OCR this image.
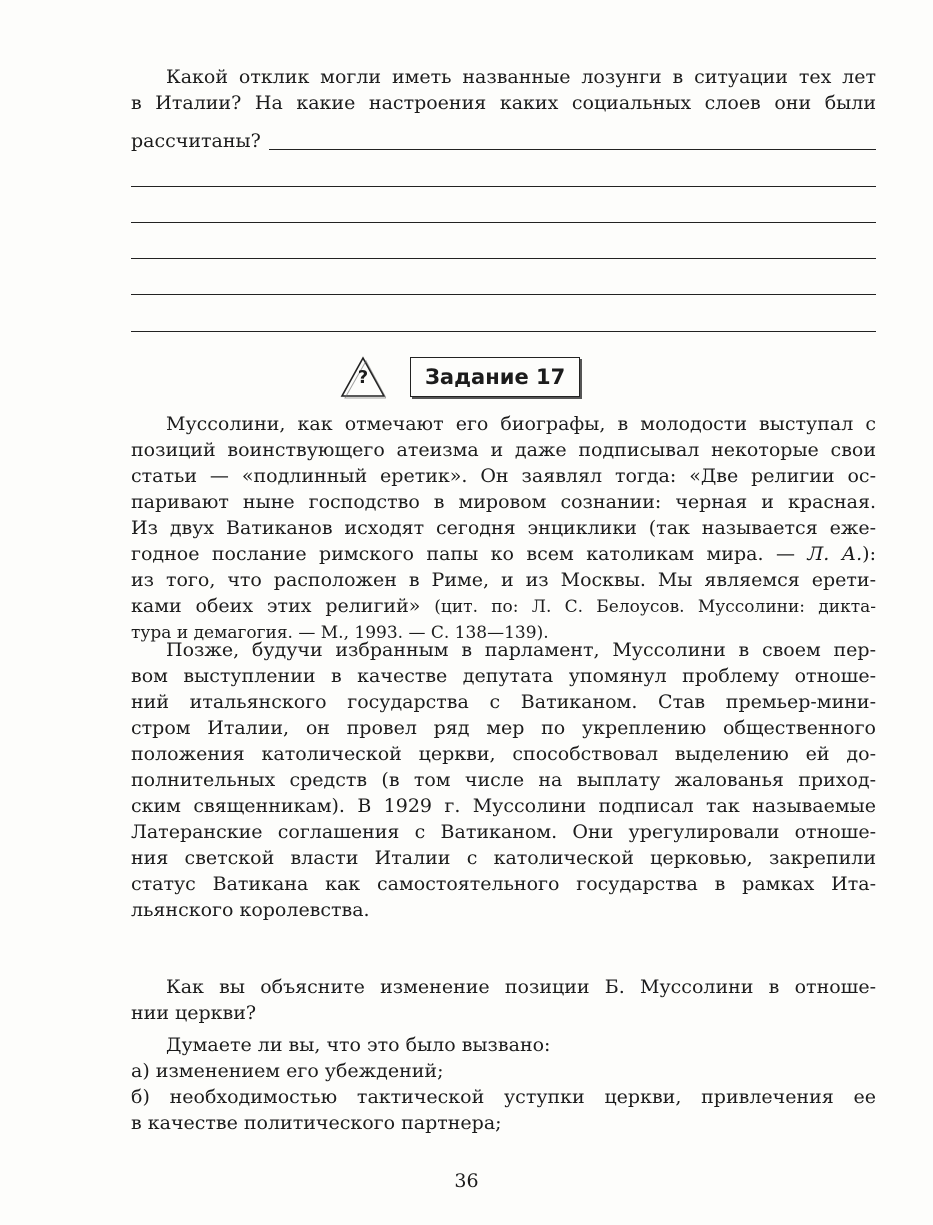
Какой отклик могли иметь названные лозунги в ситуации тех лет
в Италии? На какие настроения каких социальных слоев они были
рассчитаны?
?	Задание 17
Муссолини, как отмечают его биографы, в молодости выступал с
позиций воинствующего атеизма и даже подписывал некоторые свои
статьи — «подлинный еретик». Он заявлял тогда: «Две религии ос-
паривают ныне господство в мировом сознании: черная и красная.
Из двух Ватиканов исходят сегодня энциклики (так называется еже-
годное послание римского папы ко всем католикам мира. — Л. А.):
из того, что расположен в Риме, и из Москвы. Мы являемся ерети-
ками обеих этих религий» (цит. по: Л. С. Белоусов. Муссолини: дикта-
тура и демагогия. — М., 1993. — С. 138—139).
Позже, будучи избранным в парламент, Муссолини в своем пер-
вом выступлении в качестве депутата упомянул проблему отноше-
ний итальянского государства с Ватиканом. Став премьер-мини-
стром Италии, он провел ряд мер по укреплению общественного
положения католической церкви, способствовал выделению ей до-
полнительных средств (в том числе на выплату жалованья приход-
ским священникам). В 1929 г. Муссолини подписал так называемые
Латеранские соглашения с Ватиканом. Они урегулировали отноше-
ния светской власти Италии с католической церковью, закрепили
статус Ватикана как самостоятельного государства в рамках Ита-
льянского королевства.
Как вы объясните изменение позиции Б. Муссолини в отноше-
нии церкви?
Думаете ли вы, что это было вызвано:
а) изменением его убеждений;
б) необходимостью тактической уступки церкви, привлечения ее
в качестве политического партнера;
36
